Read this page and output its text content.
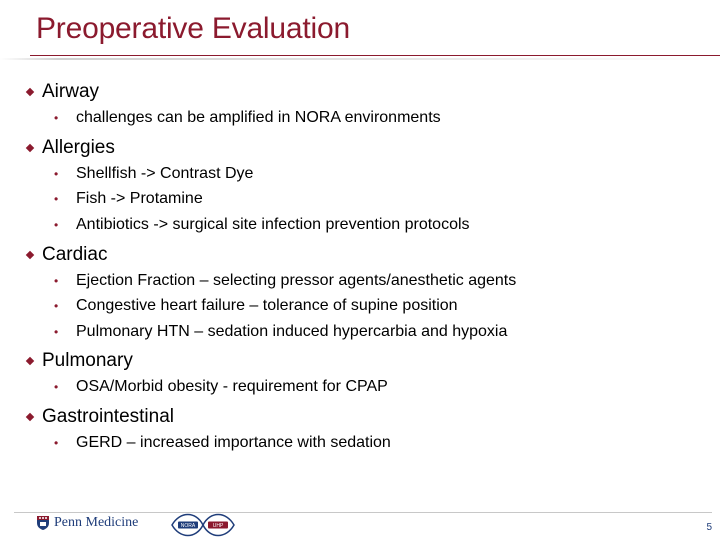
Preoperative Evaluation
Airway
•	challenges can be amplified in NORA environments
Allergies
•	Shellfish -> Contrast Dye
•	Fish -> Protamine
•	Antibiotics -> surgical site infection prevention protocols
Cardiac
•	Ejection Fraction – selecting pressor agents/anesthetic agents
•	Congestive heart failure – tolerance of supine position
•	Pulmonary HTN – sedation induced hypercarbia and hypoxia
Pulmonary
•	OSA/Morbid obesity - requirement for CPAP
Gastrointestinal
•	GERD – increased importance with sedation
Penn Medicine	NORA	UHP	5
